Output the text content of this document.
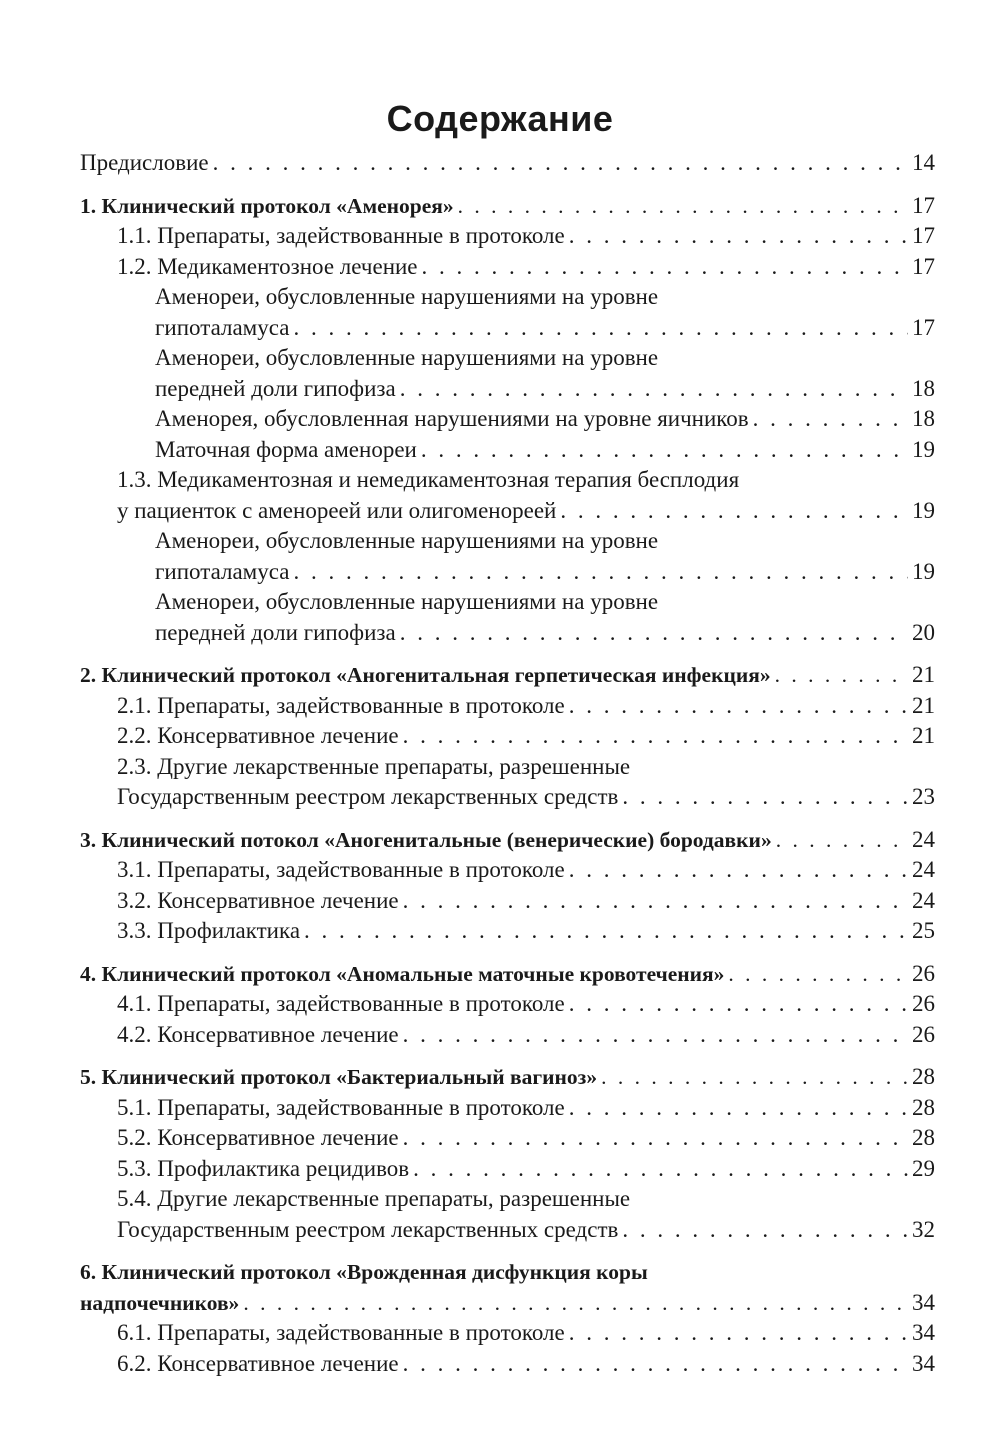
Содержание
Предисловие . . .	14
1. Клинический протокол «Аменорея» . . .	17
1.1. Препараты, задействованные в протоколе . . .	17
1.2. Медикаментозное лечение . . .	17
Аменореи, обусловленные нарушениями на уровне
гипоталамуса . . .	17
Аменореи, обусловленные нарушениями на уровне
передней доли гипофиза . . .	18
Аменорея, обусловленная нарушениями на уровне яичников . . .	18
Маточная форма аменореи . . .	19
1.3. Медикаментозная и немедикаментозная терапия бесплодия
у пациенток с аменореей или олигоменореей . . .	19
Аменореи, обусловленные нарушениями на уровне
гипоталамуса . . .	19
Аменореи, обусловленные нарушениями на уровне
передней доли гипофиза . . .	20
2. Клинический протокол «Аногенитальная герпетическая инфекция» . . .	21
2.1. Препараты, задействованные в протоколе . . .	21
2.2. Консервативное лечение . . .	21
2.3. Другие лекарственные препараты, разрешенные
Государственным реестром лекарственных средств . . .	23
3. Клинический потокол «Аногенитальные (венерические) бородавки» . . .	24
3.1. Препараты, задействованные в протоколе . . .	24
3.2. Консервативное лечение . . .	24
3.3. Профилактика . . .	25
4. Клинический протокол «Аномальные маточные кровотечения» . . .	26
4.1. Препараты, задействованные в протоколе . . .	26
4.2. Консервативное лечение . . .	26
5. Клинический протокол «Бактериальный вагиноз» . . .	28
5.1. Препараты, задействованные в протоколе . . .	28
5.2. Консервативное лечение . . .	28
5.3. Профилактика рецидивов . . .	29
5.4. Другие лекарственные препараты, разрешенные
Государственным реестром лекарственных средств . . .	32
6. Клинический протокол «Врожденная дисфункция коры
надпочечников» . . .	34
6.1. Препараты, задействованные в протоколе . . .	34
6.2. Консервативное лечение . . .	34
